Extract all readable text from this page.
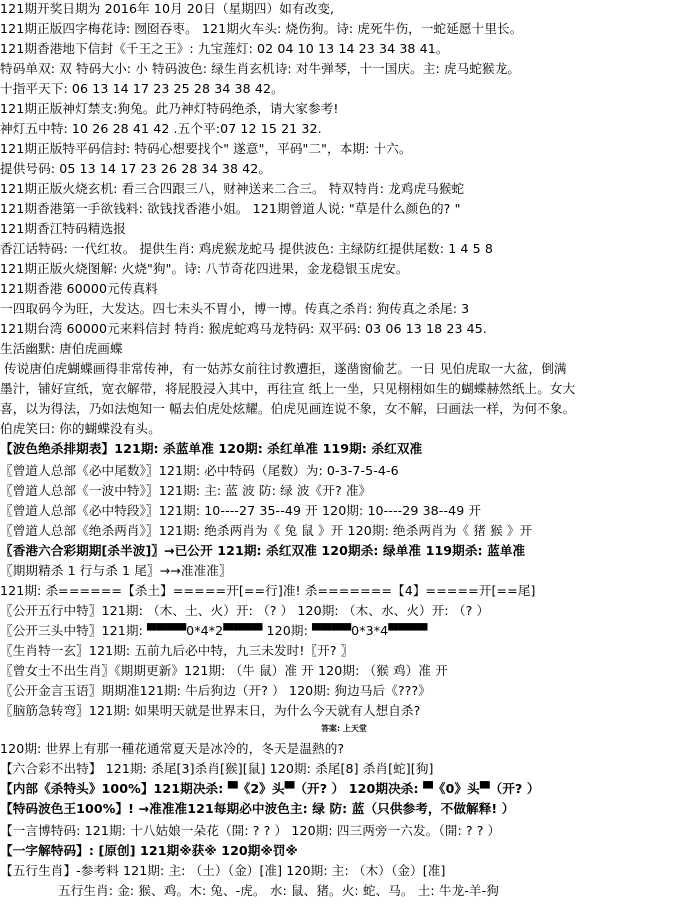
121期开奖日期为 2016年 10月 20日（星期四）如有改变,
121期正版四字梅花诗: 囫囵吞枣。 121期火车头: 烧伤狗。诗: 虎死牛伤，一蛇延愿十里长。
121期香港地下信封《千王之王》: 九宝莲灯: 02 04 10 13 14 23 34 38 41。
特码单双: 双 特码大小: 小 特码波色: 绿生肖玄机诗: 对牛弹琴，十一国庆。主: 虎马蛇猴龙。
十指平天下: 06 13 14 17 23 25 28 34 38 42。
121期正版神灯禁支:狗兔。此乃神灯特码绝杀，请大家参考!
神灯五中特: 10 26 28 41 42 .五个平:07 12 15 21 32.
121期正版特平码信封: 特码心想要找个" 遂意"，平码"二"，本期: 十六。
提供号码: 05 13 14 17 23 26 28 34 38 42。
121期正版火烧玄机: 看三合四跟三八，财神送来二合三。 特双特肖: 龙鸡虎马猴蛇
121期香港第一手欲钱料: 欲钱找香港小姐。 121期曾道人说: "草是什么颜色的? "
121期香江特码精选报
香江话特码: 一代红妆。 提供生肖: 鸡虎猴龙蛇马 提供波色: 主绿防红提供尾数: 1 4 5 8
121期正版火烧图解: 火烧"狗"。诗: 八节奇花四进果，金龙稳银玉虎安。
121期香港 60000元传真料
一四取码今为旺，大发达。四七未头不胃小，博一博。传真之杀肖: 狗传真之杀尾: 3
121期台湾 60000元来料信封 特肖: 猴虎蛇鸡马龙特码: 双平码: 03 06 13 18 23 45.
生活幽默: 唐伯虎画蝶
传说唐伯虎蝴蝶画得非常传神，有一姑苏女前往讨教遭拒，遂凿窗偷艺。一日 见伯虎取一大盆，倒满
墨汁，铺好宣纸，宽衣解带，将屁股浸入其中，再往宣 纸上一坐，只见栩栩如生的蝴蝶赫然纸上。女大
喜，以为得法，乃如法炮知一 幅去伯虎处炫耀。伯虎见画连说不象，女不解，曰画法一样，为何不象。
伯虎笑曰: 你的蝴蝶没有头。
【波色绝杀排期表】121期: 杀蓝单准 120期: 杀红单准 119期: 杀红双准
〖曾道人总部《必中尾数》〗121期: 必中特码（尾数）为: 0-3-7-5-4-6
〖曾道人总部《一波中特》〗121期: 主: 蓝 波 防: 绿 波《开? 准》
〖曾道人总部《必中特段》〗121期: 10----27 35--49 开 120期: 10----29 38--49 开
〖曾道人总部《绝杀两肖》〗121期: 绝杀两肖为《 兔 鼠 》开 120期: 绝杀两肖为《 猪 猴 》开
〖香港六合彩期期[杀半波]〗→已公开 121期: 杀红双准 120期杀: 绿单准 119期杀: 蓝单准
〖期期精杀 1 行与杀 1 尾〗→→准准准〗
121期: 杀======【杀土】=====开[==行]准! 杀=======【4】=====开[==尾]
〖公开五行中特〗121期: （木、土、火）开: （? ） 120期: （木、水、火）开: （? ）
〖公开三头中特〗121期: ▀▀▀▀0*4*2▀▀▀▀ 120期: ▀▀▀▀0*3*4▀▀▀▀
〖生肖特一玄〗121期: 五前九后必中特，九三未发时!〖开? 〗
〖曾女士不出生肖〗《期期更新》121期: （牛 鼠）准 开 120期: （猴 鸡）准 开
〖公开金言玉语〗期期准121期: 牛后狗边（开? ） 120期: 狗边马后《???》
〖脑筋急转弯〗121期: 如果明天就是世界末日，为什么今天就有人想自杀?
答案: 上天堂
120期: 世界上有那一種花通常夏天是冰冷的，冬天是温熱的?
【六合彩不出特】 121期: 杀尾[3]杀肖[猴][鼠] 120期: 杀尾[8] 杀肖[蛇][狗]
【内部《杀特头》100%】121期决杀: ▀《2》头▀（开? ） 120期决杀: ▀《0》头▀（开? ）
【特码波色王100%】! →准准准121每期必中波色主: 绿 防: 蓝（只供参考，不做解释! ）
【一言博特码: 121期: 十八姑娘一朵花（開: ? ? ） 120期: 四三两旁一六发。（開: ? ? ）
【一字解特码】: [原创] 121期※获※ 120期※罚※
【五行生肖】-参考料 121期: 主: （土）（金）[准] 120期: 主: （木）（金）[准]
五行生肖: 金: 猴、鸡。木: 兔、-虎。 水: 鼠、猪。火: 蛇、马。 土: 牛龙-羊-狗
